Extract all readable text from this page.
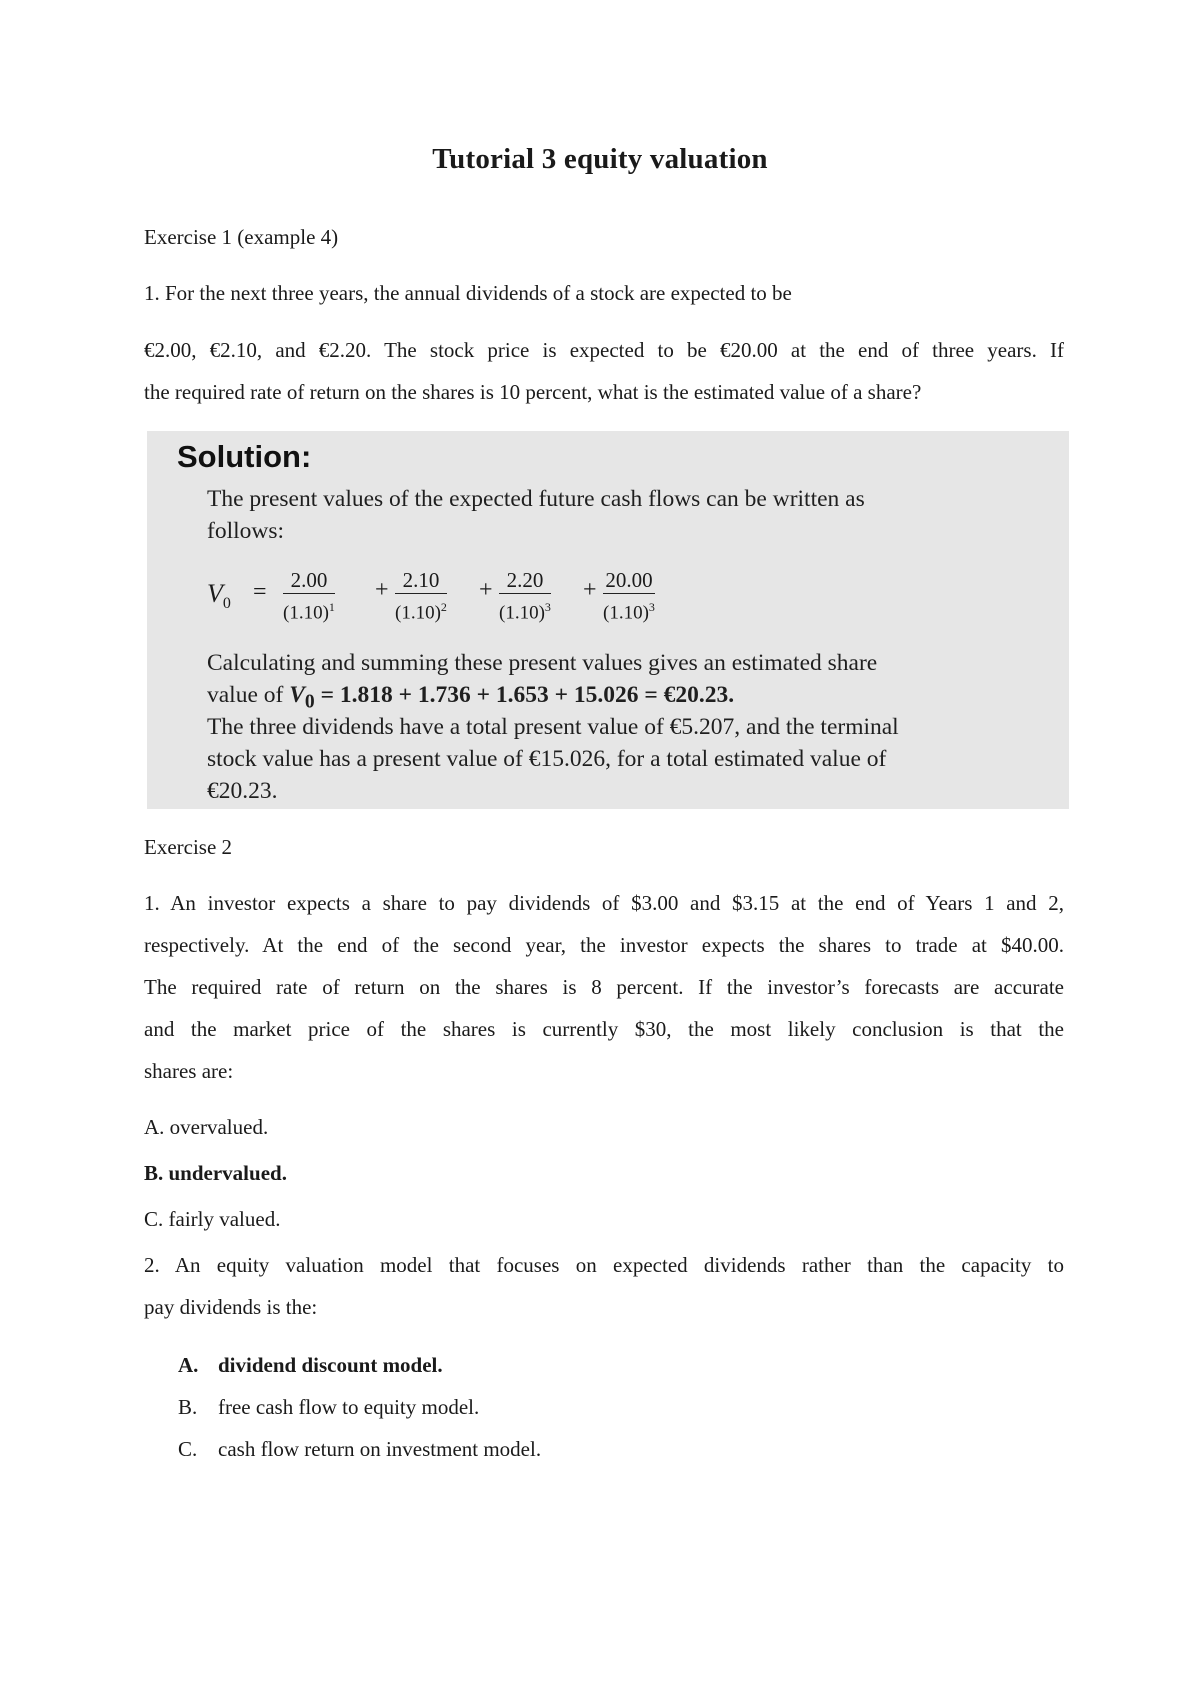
Tutorial 3 equity valuation
Exercise 1 (example 4)
1. For the next three years, the annual dividends of a stock are expected to be
€2.00, €2.10, and €2.20. The stock price is expected to be €20.00 at the end of three years. If
the required rate of return on the shares is 10 percent, what is the estimated value of a share?
Solution:
The present values of the expected future cash flows can be written as
follows:
$V_0 = \frac{2.00}{(1.10)^1} + \frac{2.10}{(1.10)^2} + \frac{2.20}{(1.10)^3} + \frac{20.00}{(1.10)^3}$
Calculating and summing these present values gives an estimated share
value of $V_0 = 1.818 + 1.736 + 1.653 + 15.026$ = €20.23.
The three dividends have a total present value of €5.207, and the terminal
stock value has a present value of €15.026, for a total estimated value of
€20.23.
Exercise 2
1. An investor expects a share to pay dividends of $3.00 and $3.15 at the end of Years 1 and 2,
respectively. At the end of the second year, the investor expects the shares to trade at $40.00.
The required rate of return on the shares is 8 percent. If the investor’s forecasts are accurate
and the market price of the shares is currently $30, the most likely conclusion is that the
shares are:
A. overvalued.
B. undervalued.
C. fairly valued.
2. An equity valuation model that focuses on expected dividends rather than the capacity to
pay dividends is the:
A. dividend discount model.
B. free cash flow to equity model.
C. cash flow return on investment model.
